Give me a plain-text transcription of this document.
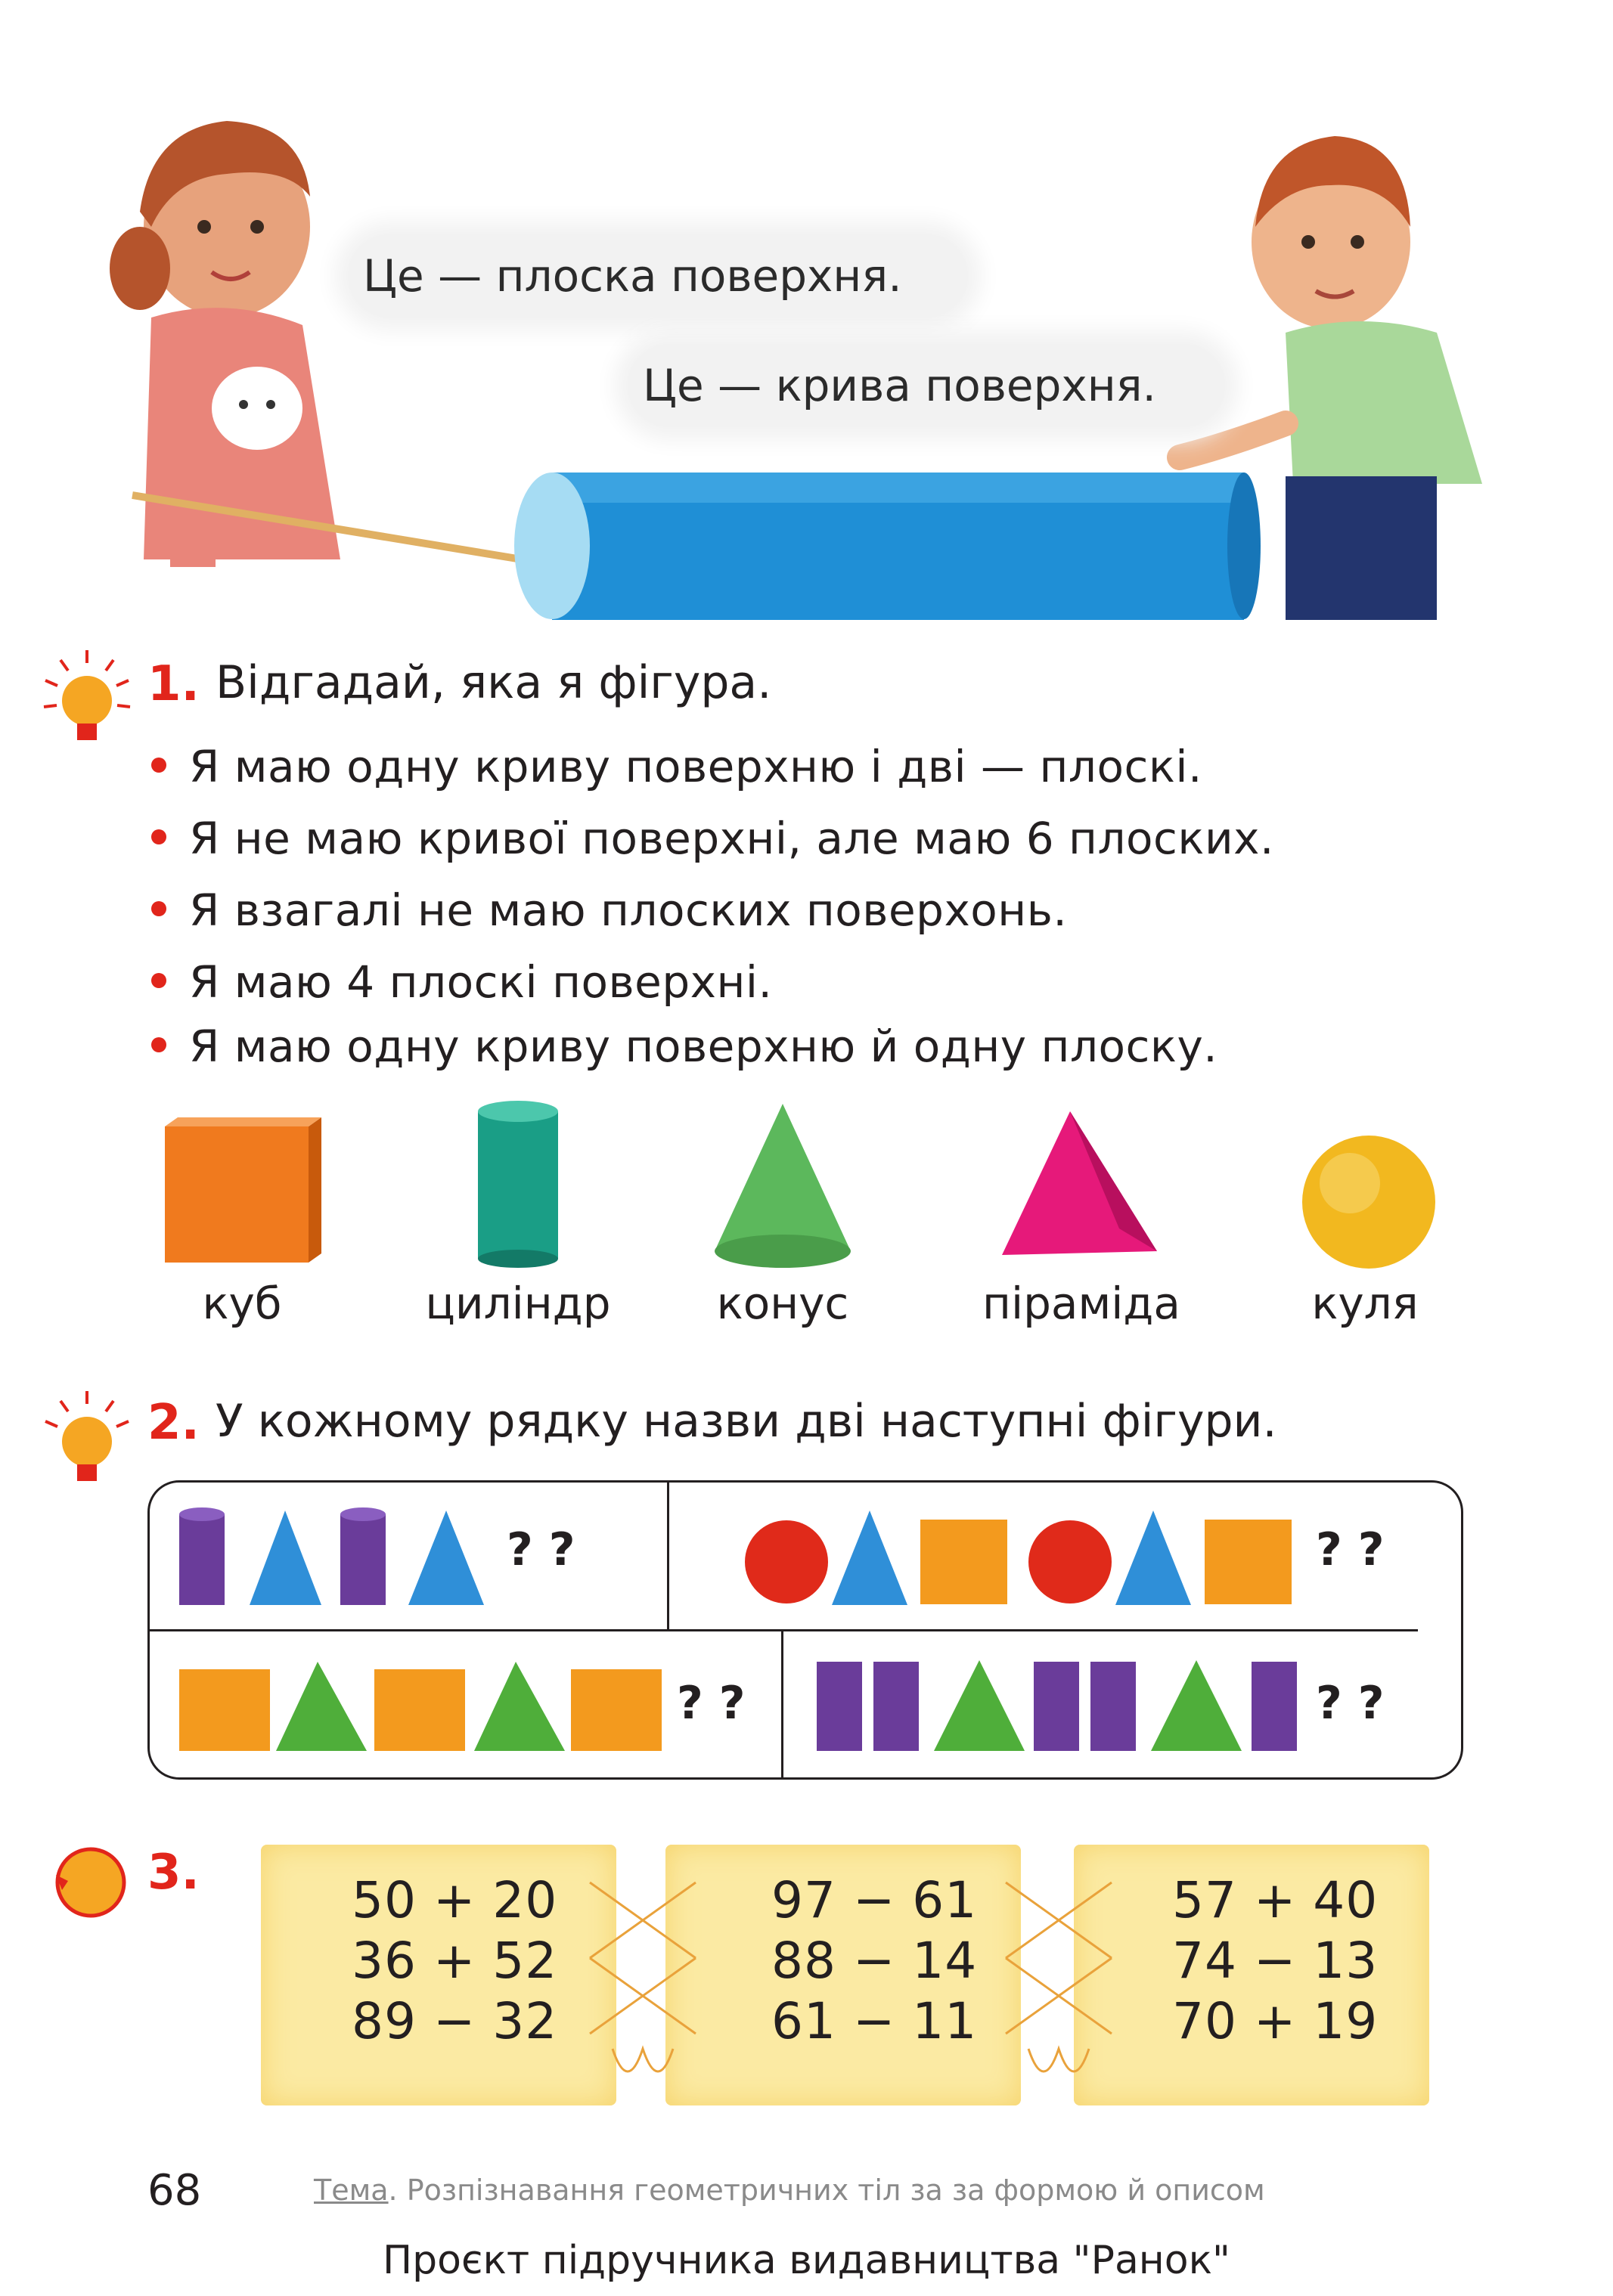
Це — плоска поверхня.
Це — крива поверхня.
1. Відгадай, яка я фігура.
Я маю одну криву поверхню і дві — плоскі.
Я не маю кривої поверхні, але маю 6 плоских.
Я взагалі не маю плоских поверхонь.
Я маю 4 плоскі поверхні.
Я маю одну криву поверхню й одну плоску.
куб	циліндр	конус	піраміда	куля
2. У кожному рядку назви дві наступні фігури.
? ?	? ?
? ?	? ?
3.	50 + 20
36 + 52
89 − 32
97 − 61
88 − 14
61 − 11
57 + 40
74 − 13
70 + 19
68	Тема. Розпізнавання геометричних тіл за за формою й описом
Проєкт підручника видавництва "Ранок"
